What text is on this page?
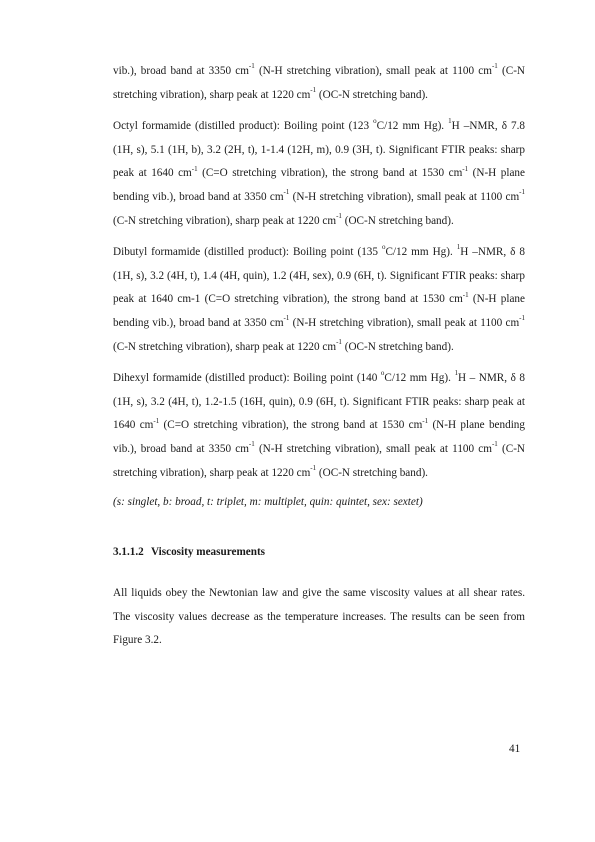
vib.), broad band at 3350 $cm^{-1}$ (N-H stretching vibration), small peak at 1100 $cm^{-1}$ (C-N stretching vibration), sharp peak at 1220 $cm^{-1}$ (OC-N stretching band).

Octyl formamide (distilled product): Boiling point (123 $^o$C/12 mm Hg). $^1$H –NMR, δ 7.8 (1H, s), 5.1 (1H, b), 3.2 (2H, t), 1-1.4 (12H, m), 0.9 (3H, t). Significant FTIR peaks: sharp peak at 1640 $cm^{-1}$ (C=O stretching vibration), the strong band at 1530 $cm^{-1}$ (N-H plane bending vib.), broad band at 3350 $cm^{-1}$ (N-H stretching vibration), small peak at 1100 $cm^{-1}$ (C-N stretching vibration), sharp peak at 1220 $cm^{-1}$ (OC-N stretching band).

Dibutyl formamide (distilled product): Boiling point (135 $^o$C/12 mm Hg). $^1$H –NMR, δ 8 (1H, s), 3.2 (4H, t), 1.4 (4H, quin), 1.2 (4H, sex), 0.9 (6H, t). Significant FTIR peaks: sharp peak at 1640 cm-1 (C=O stretching vibration), the strong band at 1530 $cm^{-1}$ (N-H plane bending vib.), broad band at 3350 $cm^{-1}$ (N-H stretching vibration), small peak at 1100 $cm^{-1}$ (C-N stretching vibration), sharp peak at 1220 $cm^{-1}$ (OC-N stretching band).

Dihexyl formamide (distilled product): Boiling point (140 $^o$C/12 mm Hg). $^1$H – NMR, δ 8 (1H, s), 3.2 (4H, t), 1.2-1.5 (16H, quin), 0.9 (6H, t). Significant FTIR peaks: sharp peak at 1640 $cm^{-1}$ (C=O stretching vibration), the strong band at 1530 $cm^{-1}$ (N-H plane bending vib.), broad band at 3350 $cm^{-1}$ (N-H stretching vibration), small peak at 1100 $cm^{-1}$ (C-N stretching vibration), sharp peak at 1220 $cm^{-1}$ (OC-N stretching band).

(s: singlet, b: broad, t: triplet, m: multiplet, quin: quintet, sex: sextet)

3.1.1.2 Viscosity measurements

All liquids obey the Newtonian law and give the same viscosity values at all shear rates. The viscosity values decrease as the temperature increases. The results can be seen from Figure 3.2.

41
